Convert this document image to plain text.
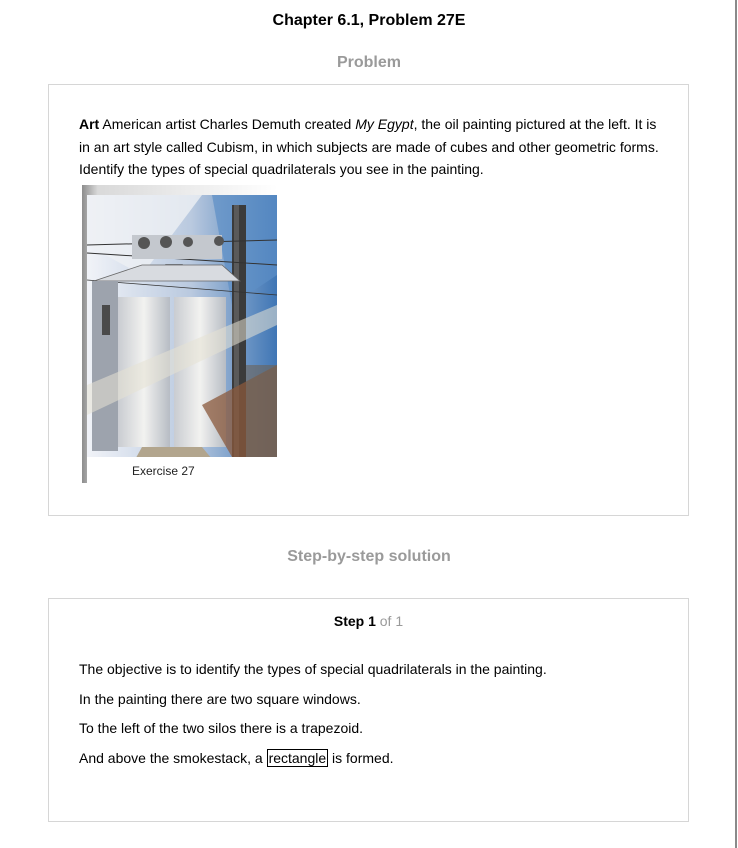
Chapter 6.1, Problem 27E
Problem
Art American artist Charles Demuth created My Egypt, the oil painting pictured at the left. It is in an art style called Cubism, in which subjects are made of cubes and other geometric forms. Identify the types of special quadrilaterals you see in the painting.
Exercise 27
Step-by-step solution
Step 1 of 1
The objective is to identify the types of special quadrilaterals in the painting.
In the painting there are two square windows.
To the left of the two silos there is a trapezoid.
And above the smokestack, a rectangle is formed.
